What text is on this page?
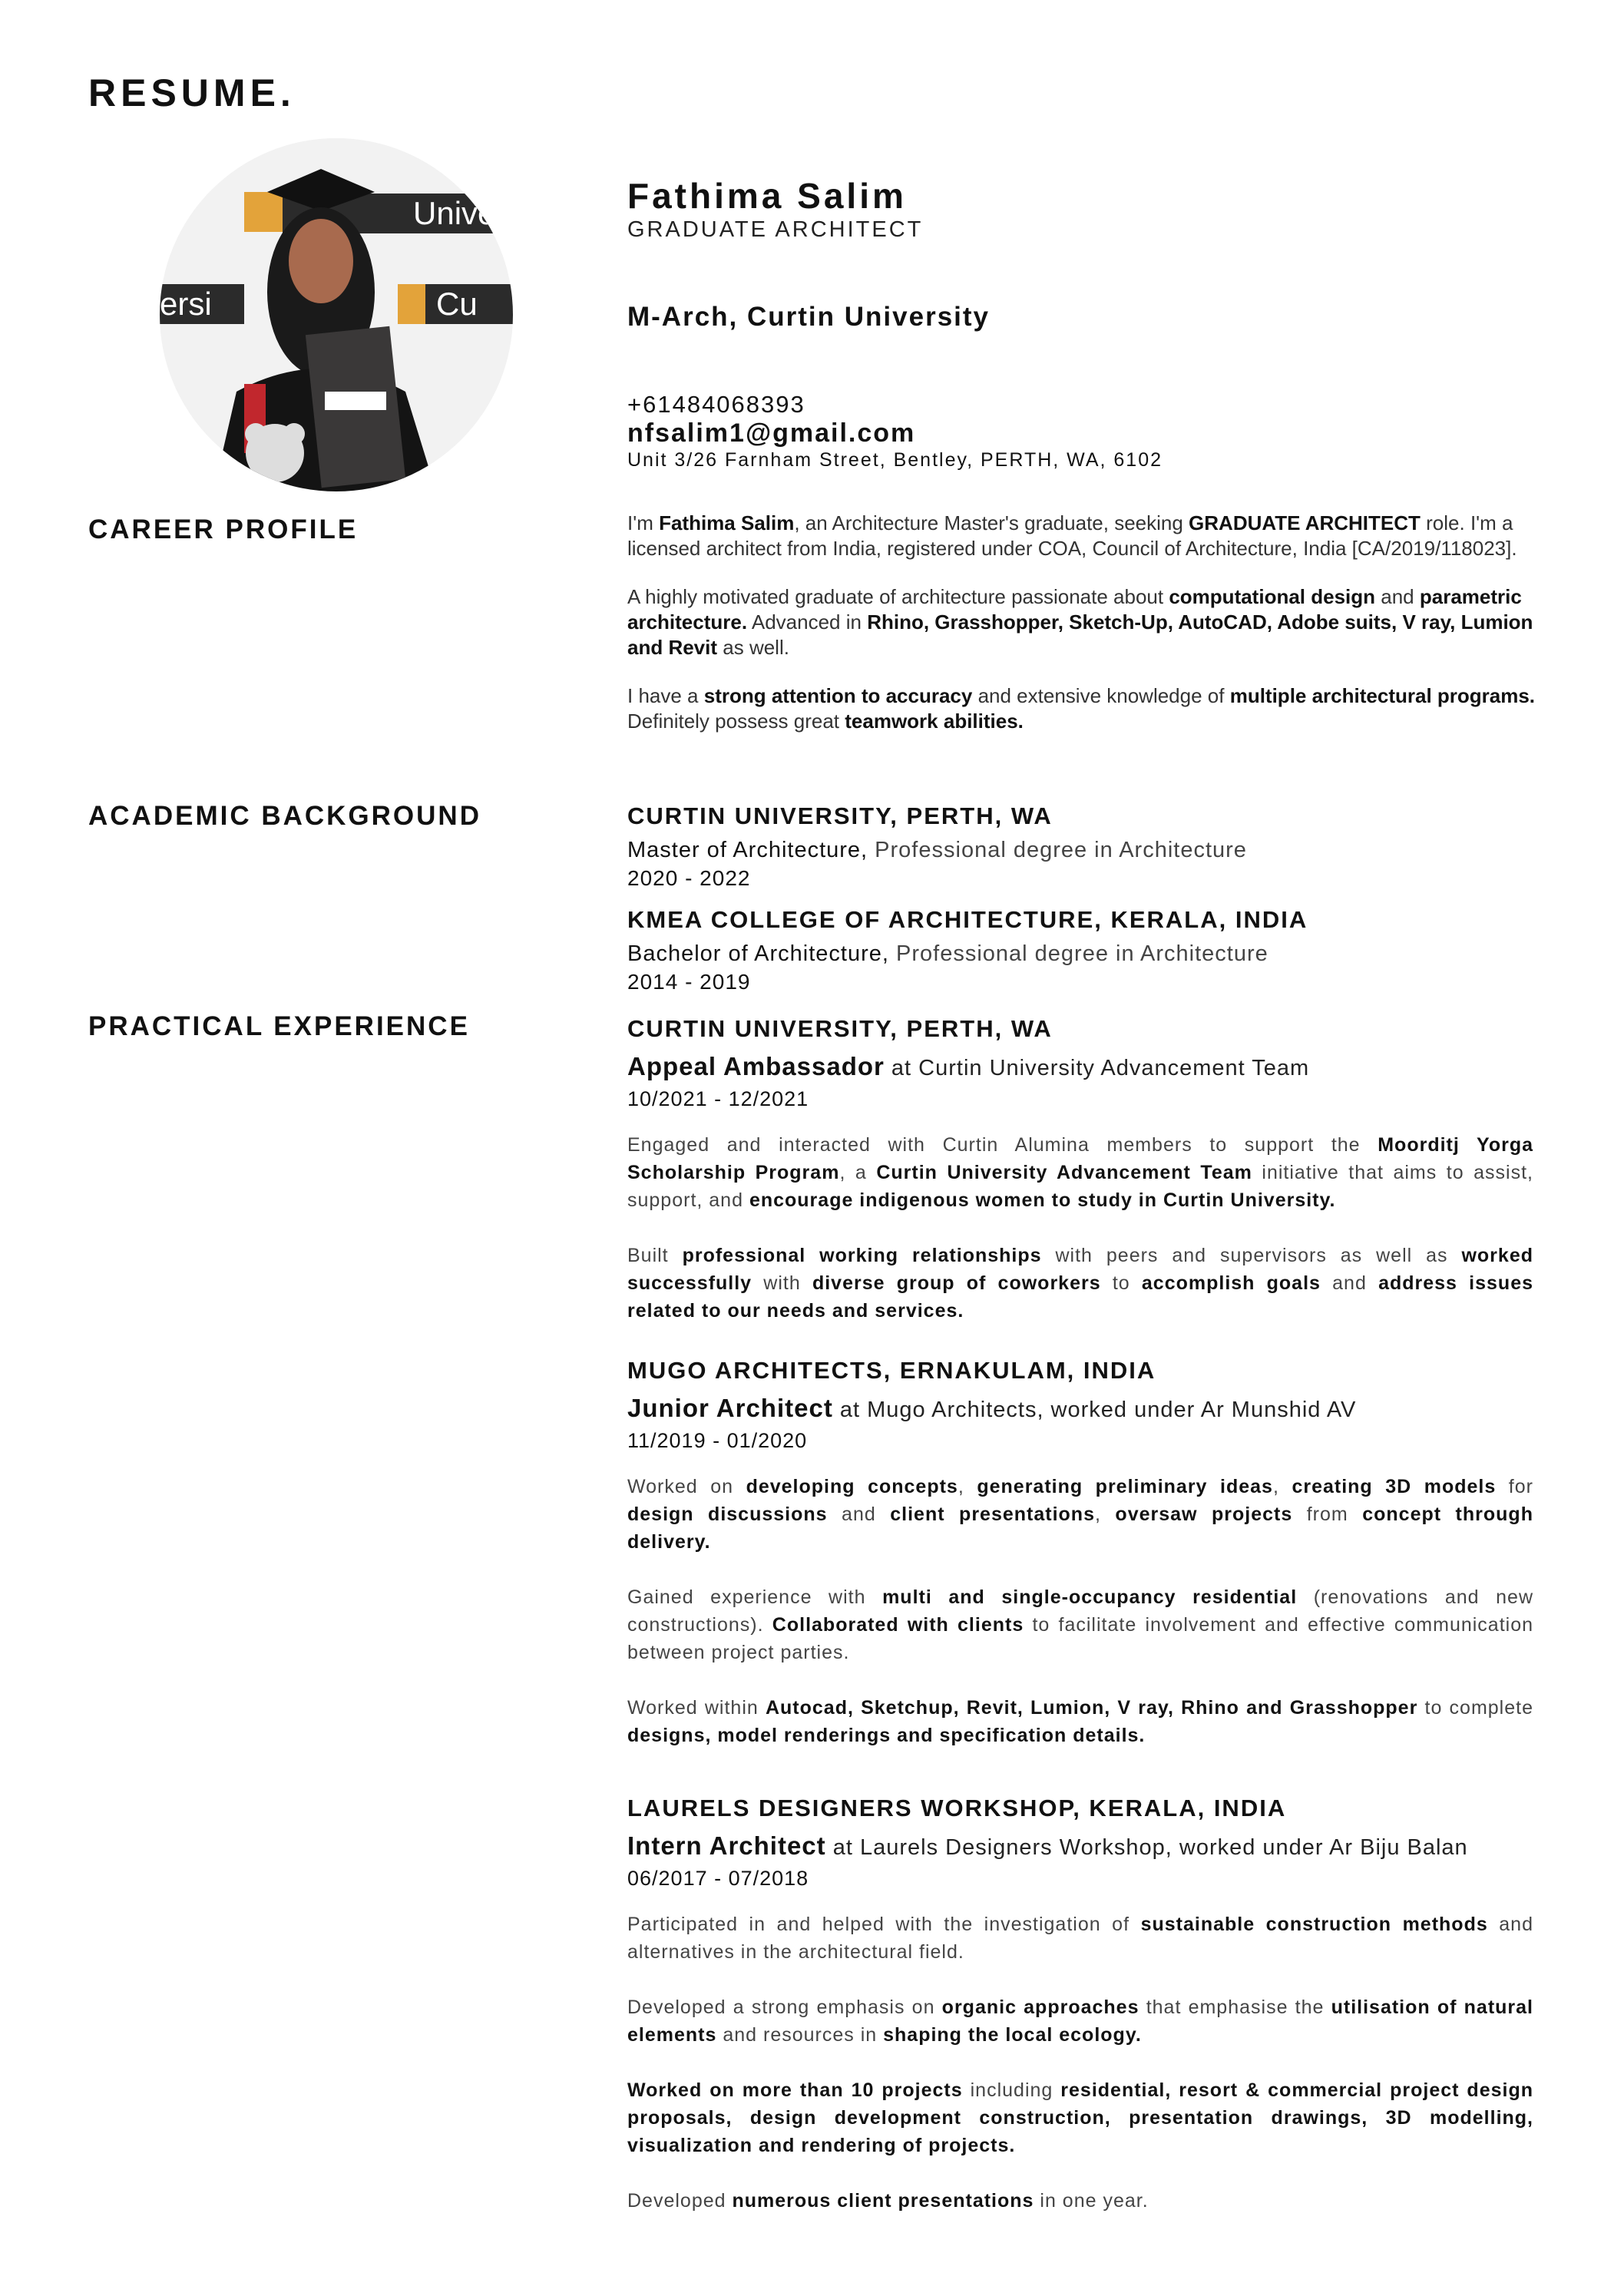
RESUME.
Unive
ersi	Cu
Fathima Salim
GRADUATE ARCHITECT
M-Arch, Curtin University
+61484068393
nfsalim1@gmail.com
Unit 3/26 Farnham Street, Bentley, PERTH, WA, 6102
CAREER PROFILE
ACADEMIC BACKGROUND
PRACTICAL EXPERIENCE

I'm Fathima Salim, an Architecture Master's graduate, seeking GRADUATE ARCHITECT role. I'm a licensed architect from India, registered under COA, Council of Architecture, India [CA/2019/118023].

A highly motivated graduate of architecture passionate about computational design and parametric architecture. Advanced in Rhino, Grasshopper, Sketch-Up, AutoCAD, Adobe suits, V ray, Lumion and Revit as well.

I have a strong attention to accuracy and extensive knowledge of multiple architectural programs. Definitely possess great teamwork abilities.

CURTIN UNIVERSITY, PERTH, WA
Master of Architecture, Professional degree in Architecture
2020 - 2022
KMEA COLLEGE OF ARCHITECTURE, KERALA, INDIA
Bachelor of Architecture, Professional degree in Architecture
2014 - 2019
CURTIN UNIVERSITY, PERTH, WA
Appeal Ambassador at Curtin University Advancement Team
10/2021 - 12/2021

Engaged and interacted with Curtin Alumina members to support the Moorditj Yorga Scholarship Program, a Curtin University Advancement Team initiative that aims to assist, support, and encourage indigenous women to study in Curtin University.

Built professional working relationships with peers and supervisors as well as worked successfully with diverse group of coworkers to accomplish goals and address issues related to our needs and services.

MUGO ARCHITECTS, ERNAKULAM, INDIA
Junior Architect at Mugo Architects, worked under Ar Munshid AV
11/2019 - 01/2020

Worked on developing concepts, generating preliminary ideas, creating 3D models for design discussions and client presentations, oversaw projects from concept through delivery.

Gained experience with multi and single-occupancy residential (renovations and new constructions). Collaborated with clients to facilitate involvement and effective communication between project parties.

Worked within Autocad, Sketchup, Revit, Lumion, V ray, Rhino and Grasshopper to complete designs, model renderings and specification details.

LAURELS DESIGNERS WORKSHOP, KERALA, INDIA
Intern Architect at Laurels Designers Workshop, worked under Ar Biju Balan
06/2017 - 07/2018

Participated in and helped with the investigation of sustainable construction methods and alternatives in the architectural field.

Developed a strong emphasis on organic approaches that emphasise the utilisation of natural elements and resources in shaping the local ecology.

Worked on more than 10 projects including residential, resort & commercial project design proposals, design development construction, presentation drawings, 3D modelling, visualization and rendering of projects.

Developed numerous client presentations in one year.
